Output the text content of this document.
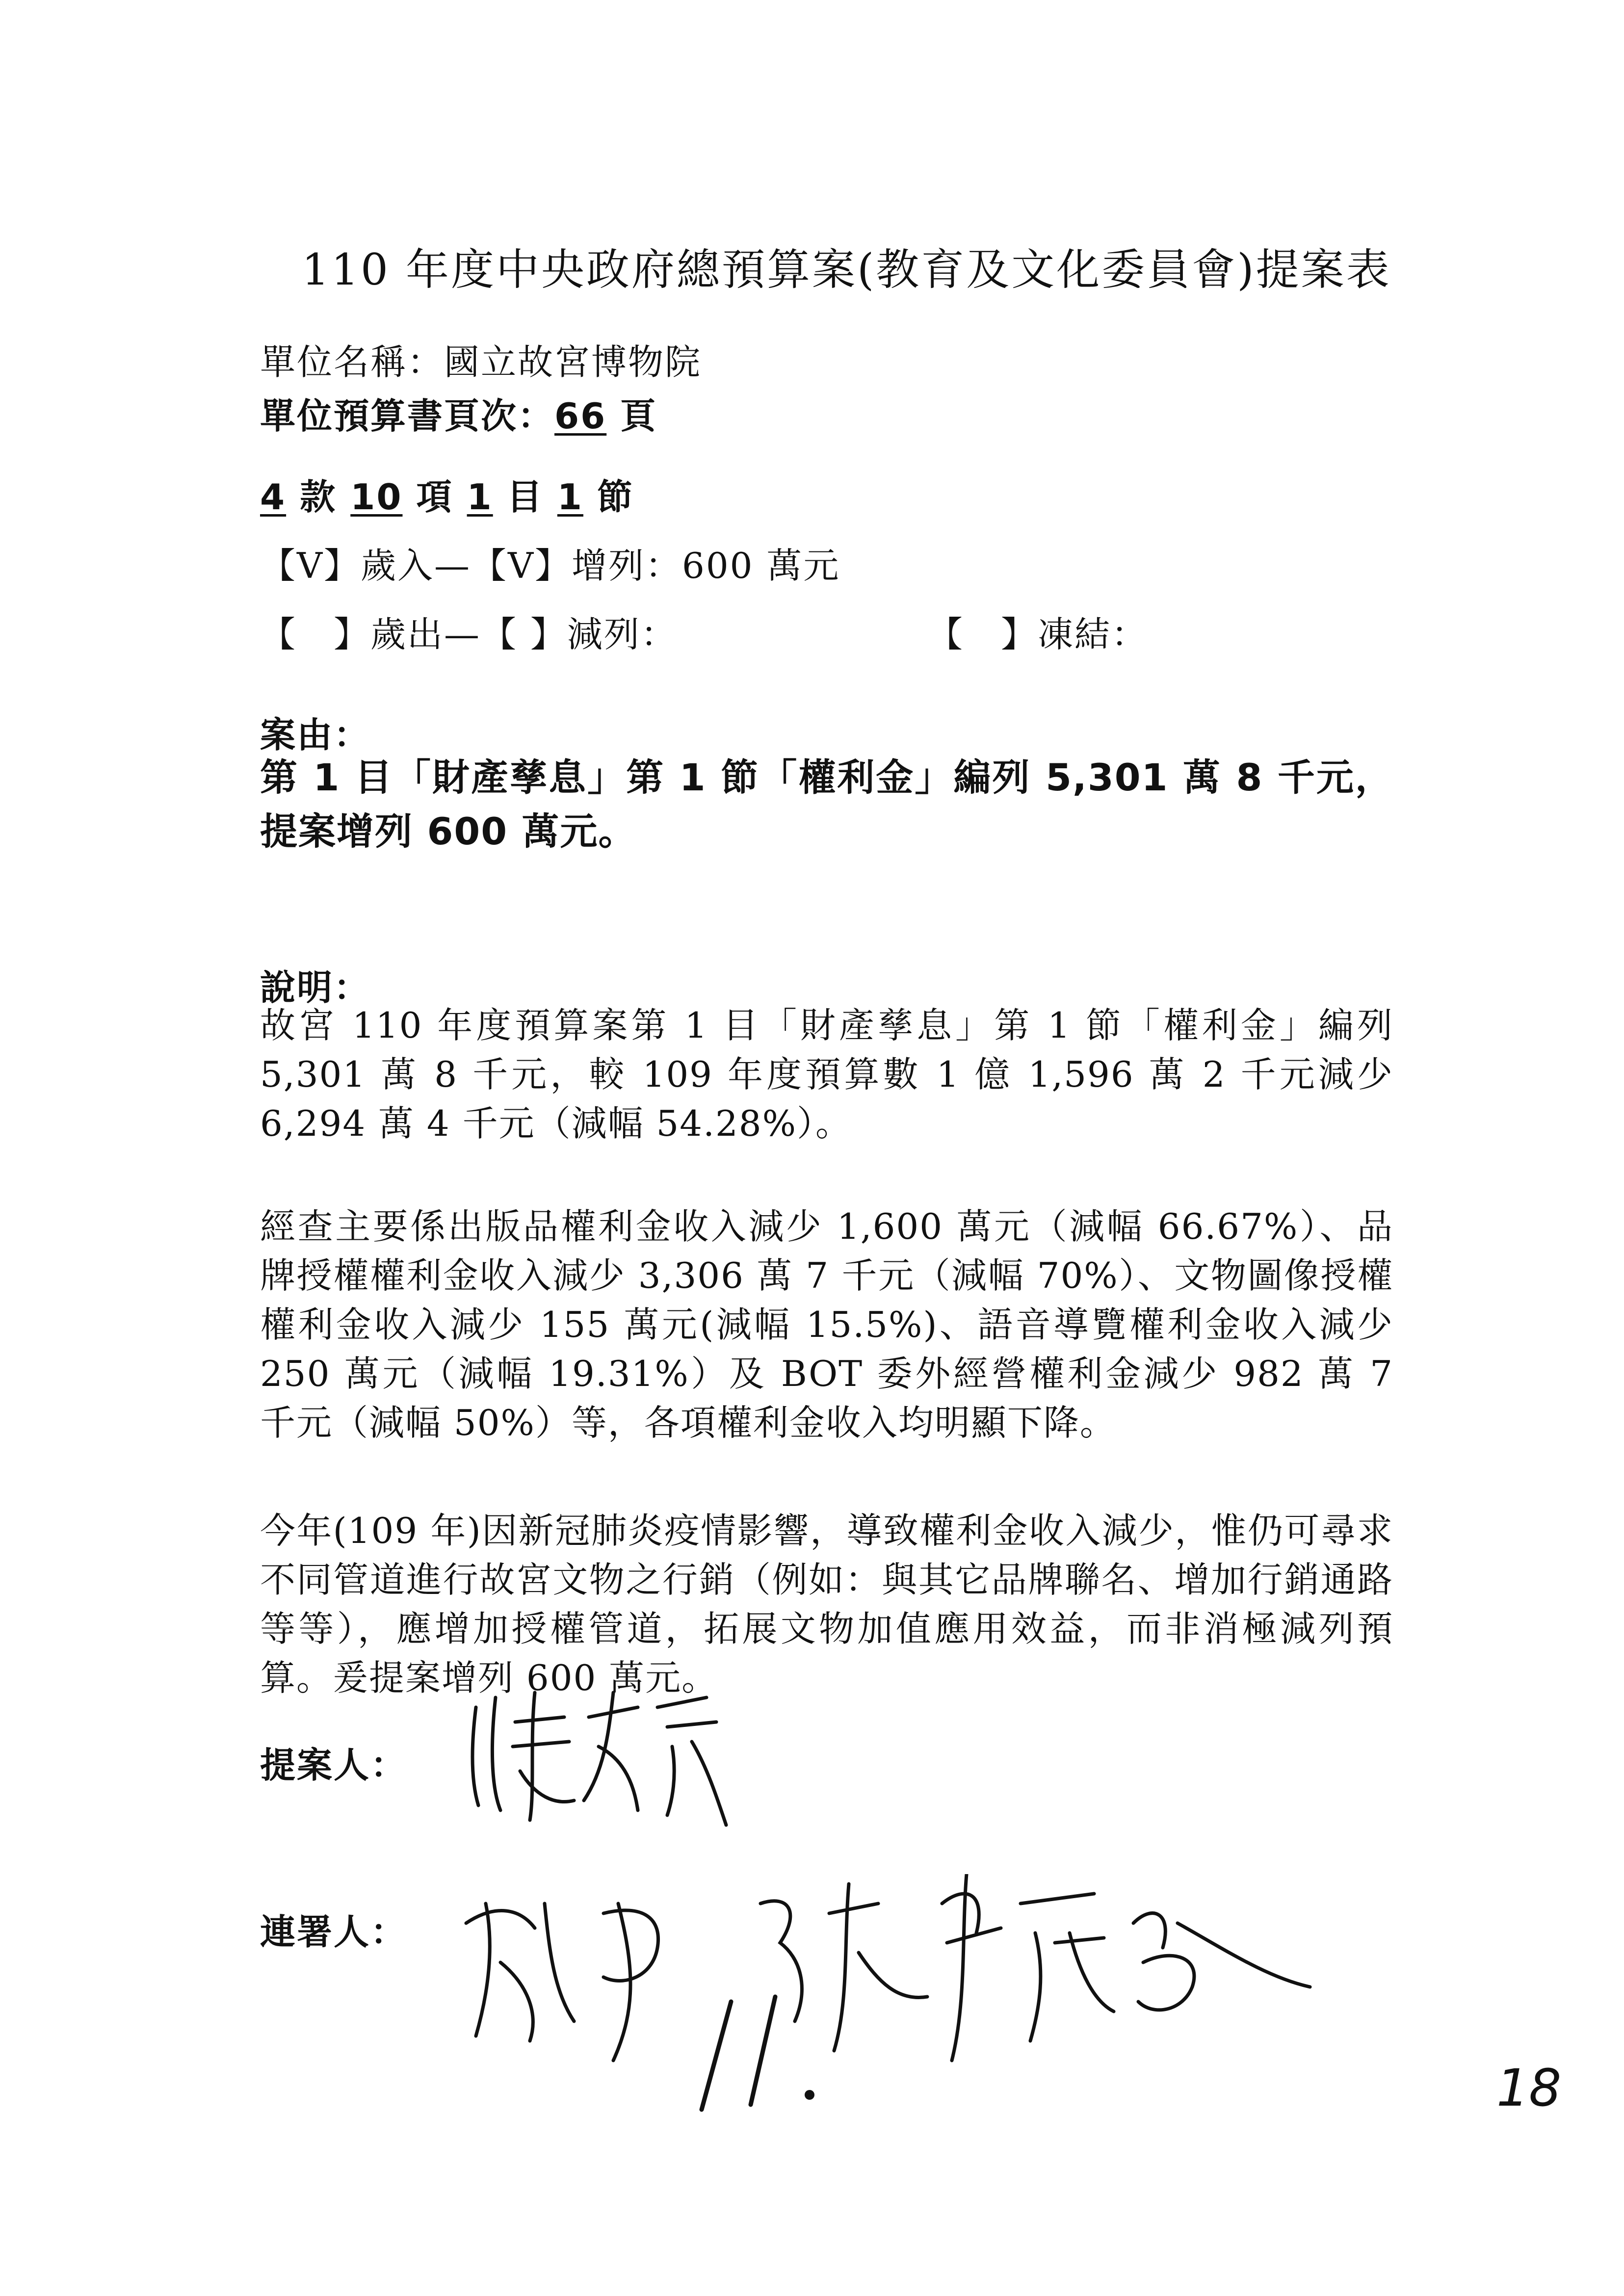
110 年度中央政府總預算案(教育及文化委員會)提案表
單位名稱：國立故宮博物院
單位預算書頁次：66 頁
4 款 10 項 1 目 1 節
【V】歲入—【V】增列：600 萬元
【　】歲出—【 】減列：	【　】凍結：
案由：
第 1 目「財產孳息」第 1 節「權利金」編列 5,301 萬 8 千元，提案增列 600 萬元。
說明：
故宮 110 年度預算案第 1 目「財產孳息」第 1 節「權利金」編列 5,301 萬 8 千元，較 109 年度預算數 1 億 1,596 萬 2 千元減少 6,294 萬 4 千元（減幅 54.28%）。
經查主要係出版品權利金收入減少 1,600 萬元（減幅 66.67%）、品牌授權權利金收入減少 3,306 萬 7 千元（減幅 70%）、文物圖像授權權利金收入減少 155 萬元(減幅 15.5%)、語音導覽權利金收入減少 250 萬元（減幅 19.31%）及 BOT 委外經營權利金減少 982 萬 7 千元（減幅 50%）等，各項權利金收入均明顯下降。
今年(109 年)因新冠肺炎疫情影響，導致權利金收入減少，惟仍可尋求不同管道進行故宮文物之行銷（例如：與其它品牌聯名、增加行銷通路等等），應增加授權管道，拓展文物加值應用效益，而非消極減列預算。爰提案增列 600 萬元。
提案人：
連署人：
18
